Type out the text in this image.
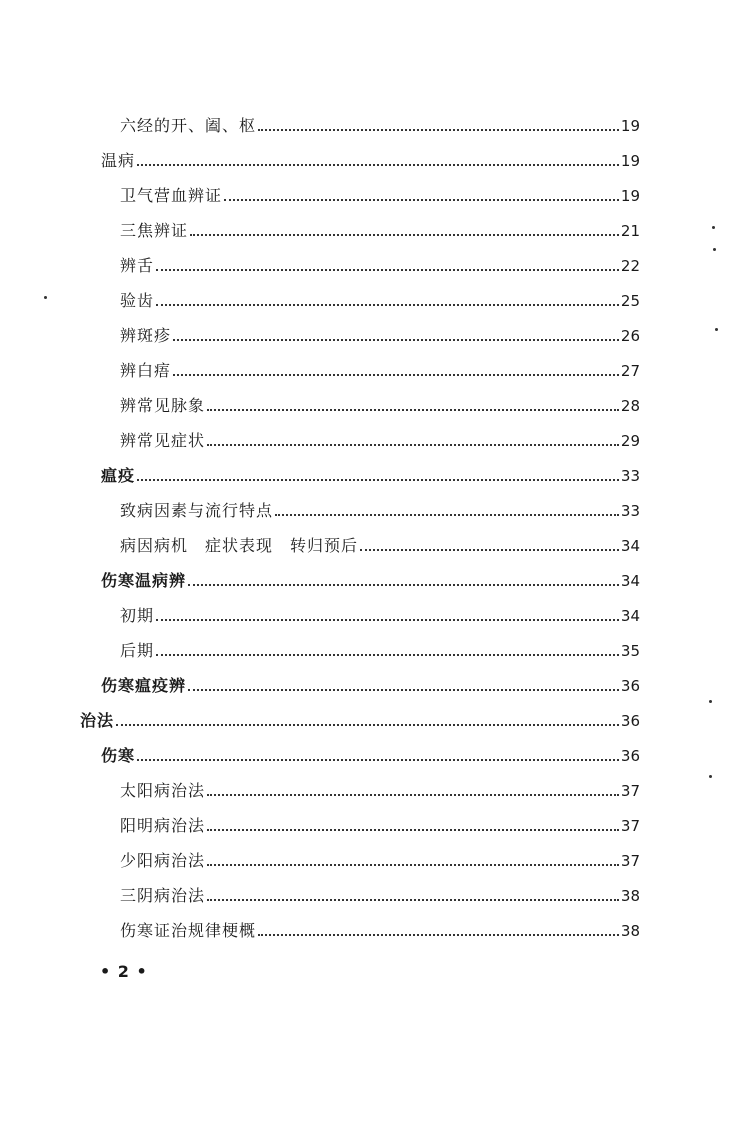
六经的开、阖、枢	19
温病	19
卫气营血辨证	19
三焦辨证	21
辨舌	22
验齿	25
辨斑疹	26
辨白痦	27
辨常见脉象	28
辨常见症状	29
瘟疫	33
致病因素与流行特点	33
病因病机　症状表现　转归预后	34
伤寒温病辨	34
初期	34
后期	35
伤寒瘟疫辨	36
治法	36
伤寒	36
太阳病治法	37
阳明病治法	37
少阳病治法	37
三阴病治法	38
伤寒证治规律梗概	38
• 2 •
